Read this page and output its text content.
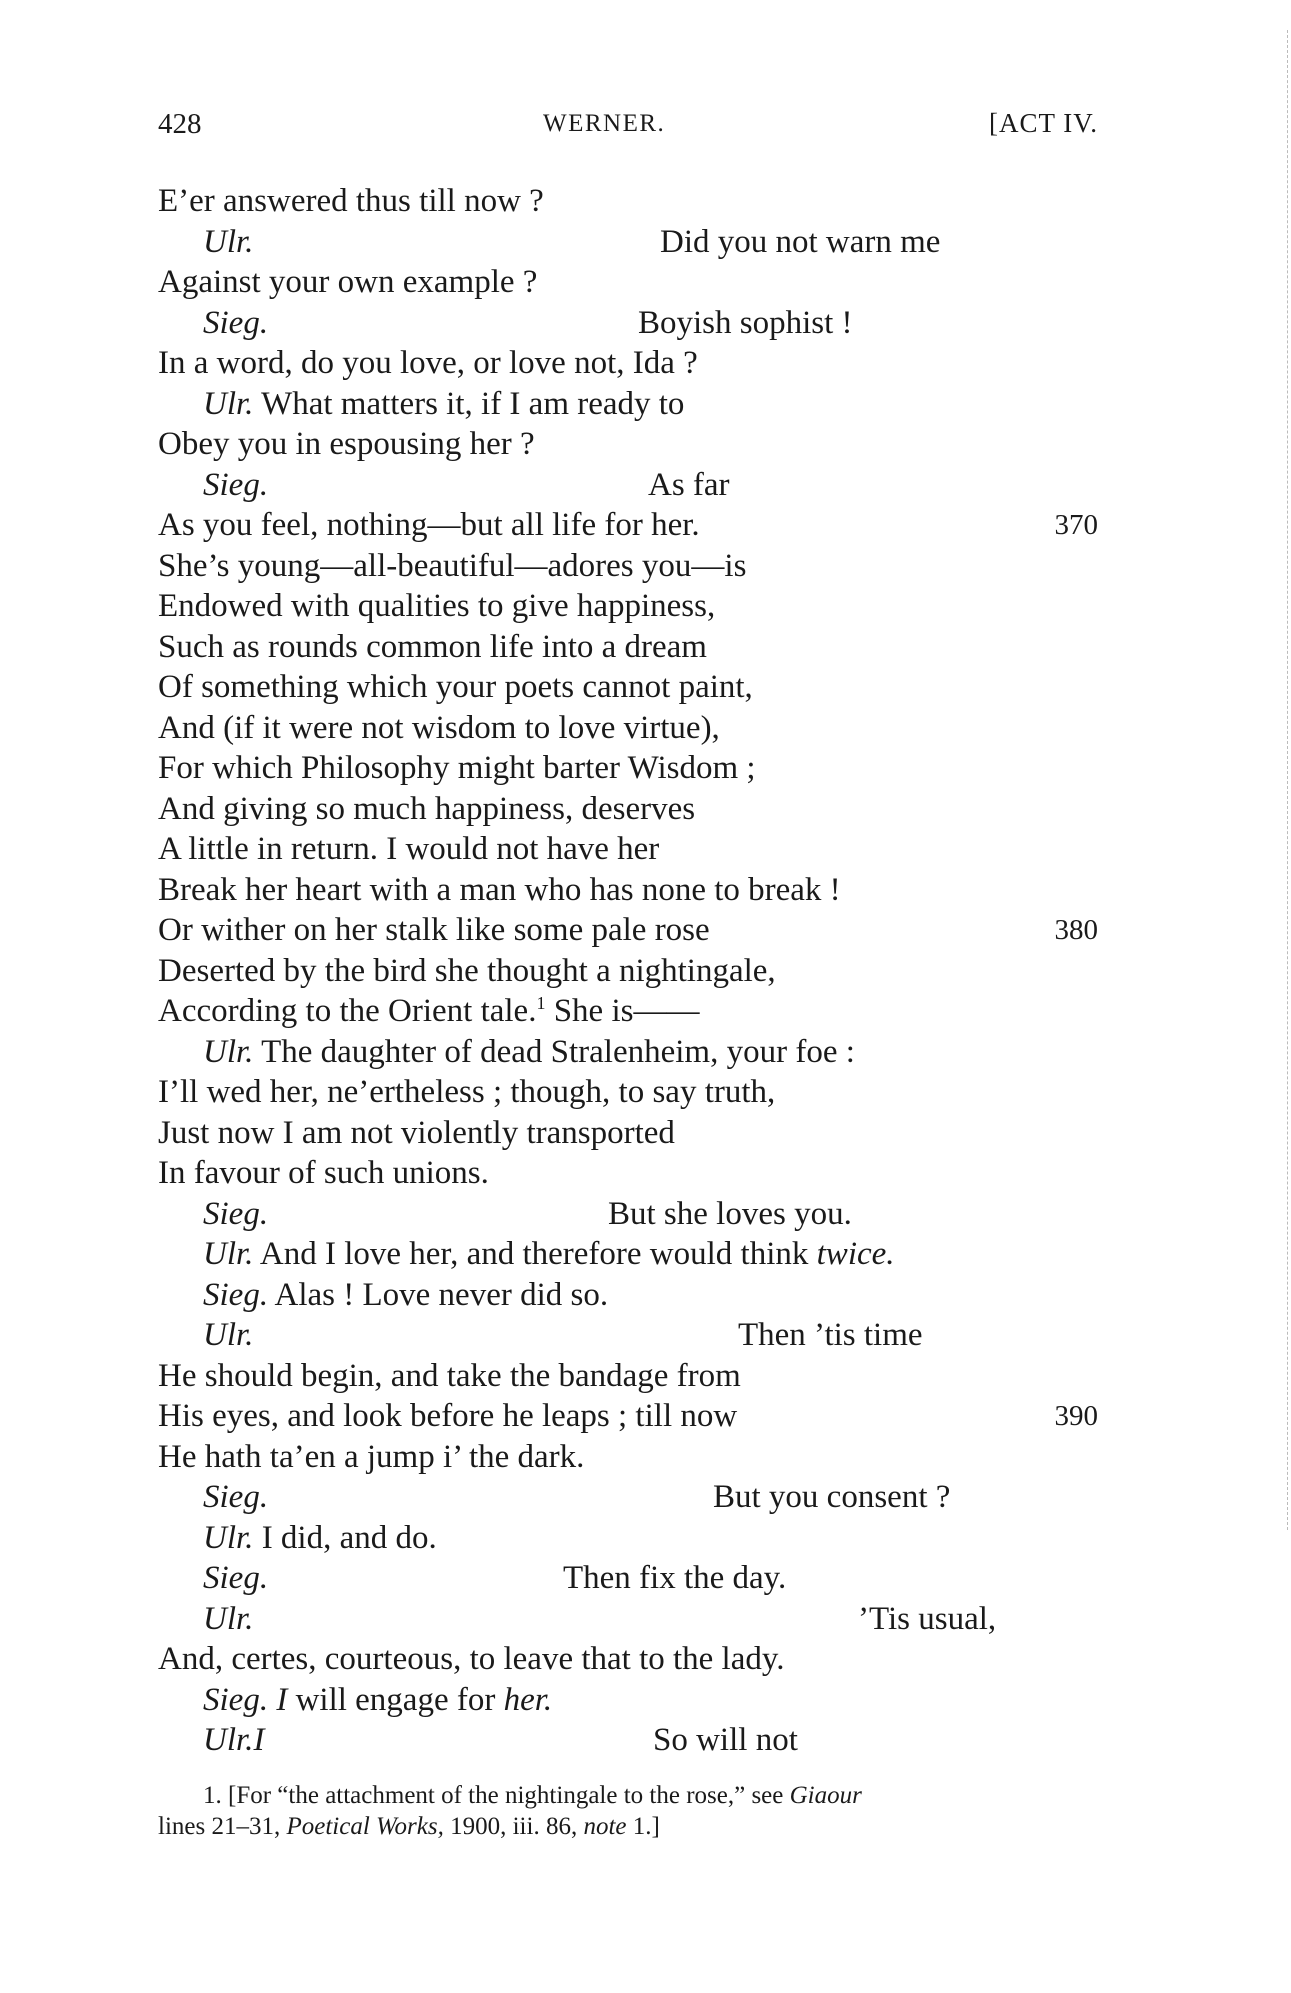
428	WERNER.	[ACT IV.
E’er answered thus till now ?
Ulr.	Did you not warn me
Against your own example ?
Sieg.	Boyish sophist !
In a word, do you love, or love not, Ida ?
Ulr. What matters it, if I am ready to
Obey you in espousing her ?
Sieg.	As far
As you feel, nothing—but all life for her.	370
She’s young—all-beautiful—adores you—is
Endowed with qualities to give happiness,
Such as rounds common life into a dream
Of something which your poets cannot paint,
And (if it were not wisdom to love virtue),
For which Philosophy might barter Wisdom ;
And giving so much happiness, deserves
A little in return. I would not have her
Break her heart with a man who has none to break !
Or wither on her stalk like some pale rose	380
Deserted by the bird she thought a nightingale,
According to the Orient tale.$^1$ She is——
Ulr. The daughter of dead Stralenheim, your foe :
I’ll wed her, ne’ertheless ; though, to say truth,
Just now I am not violently transported
In favour of such unions.
Sieg.	But she loves you.
Ulr. And I love her, and therefore would think twice.
Sieg. Alas ! Love never did so.
Ulr.	Then ’tis time
He should begin, and take the bandage from
His eyes, and look before he leaps ; till now	390
He hath ta’en a jump i’ the dark.
Sieg.	But you consent ?
Ulr. I did, and do.
Sieg.	Then fix the day.
Ulr.	’Tis usual,
And, certes, courteous, to leave that to the lady.
Sieg. I will engage for her.
Ulr.	So will not
I
1. [For “the attachment of the nightingale to the rose,” see Giaour
lines 21–31, Poetical Works, 1900, iii. 86, note 1.]
